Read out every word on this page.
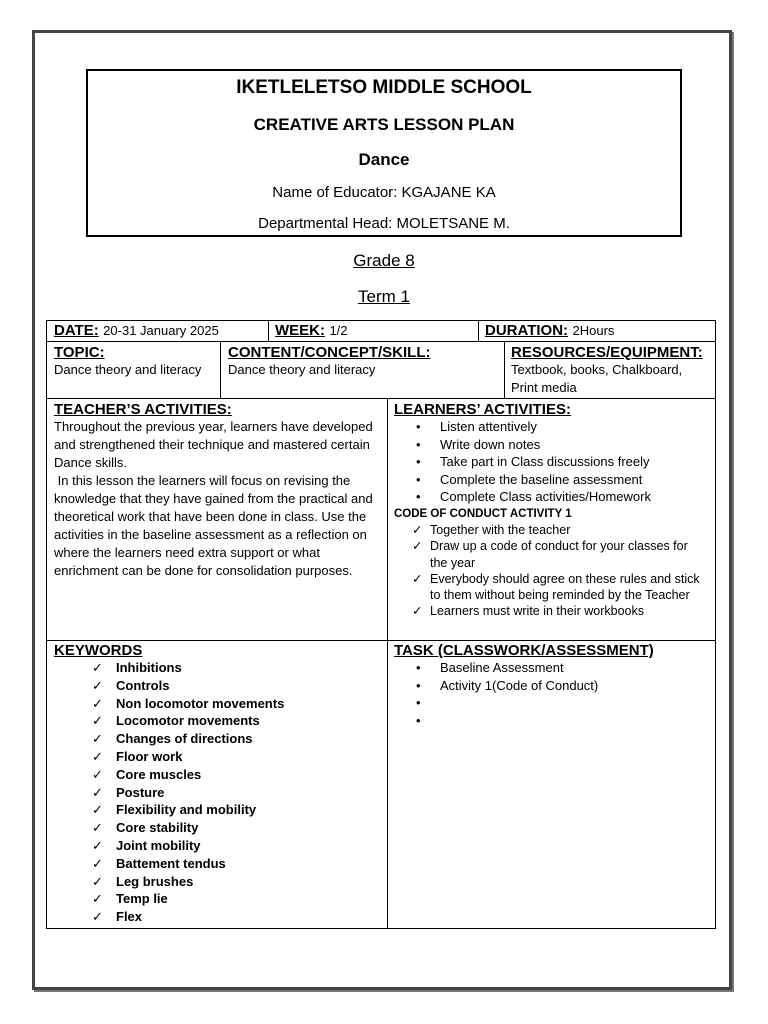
IKETLELETSO MIDDLE SCHOOL
CREATIVE ARTS LESSON PLAN
Dance
Name of Educator: KGAJANE KA
Departmental Head: MOLETSANE M.
Grade 8
Term 1
DATE: 20-31 January 2025	WEEK: 1/2	DURATION: 2Hours
TOPIC:
Dance theory and literacy
CONTENT/CONCEPT/SKILL:
Dance theory and literacy
RESOURCES/EQUIPMENT:
Textbook, books, Chalkboard, Print media
TEACHER’S ACTIVITIES:
Throughout the previous year, learners have developed and strengthened their technique and mastered certain Dance skills.
In this lesson the learners will focus on revising the knowledge that they have gained from the practical and theoretical work that have been done in class. Use the activities in the baseline assessment as a reflection on where the learners need extra support or what enrichment can be done for consolidation purposes.
LEARNERS’ ACTIVITIES:
• Listen attentively
• Write down notes
• Take part in Class discussions freely
• Complete the baseline assessment
• Complete Class activities/Homework
CODE OF CONDUCT ACTIVITY 1
✓ Together with the teacher
✓ Draw up a code of conduct for your classes for the year
✓ Everybody should agree on these rules and stick to them without being reminded by the Teacher
✓ Learners must write in their workbooks
KEYWORDS
✓ Inhibitions
✓ Controls
✓ Non locomotor movements
✓ Locomotor movements
✓ Changes of directions
✓ Floor work
✓ Core muscles
✓ Posture
✓ Flexibility and mobility
✓ Core stability
✓ Joint mobility
✓ Battement tendus
✓ Leg brushes
✓ Temp lie
✓ Flex
TASK (CLASSWORK/ASSESSMENT)
• Baseline Assessment
• Activity 1(Code of Conduct)
•
•
